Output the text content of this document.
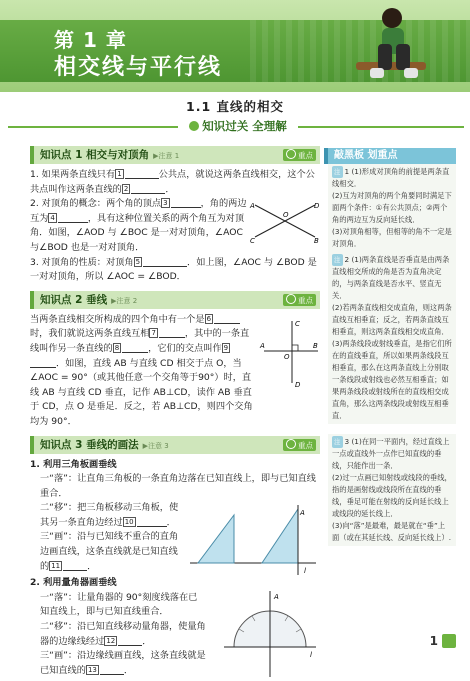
第 1 章
相交线与平行线
1.1 直线的相交
知识过关 全理解
知识点 1 相交与对顶角 ▶注意 1	重点
1. 如果两条直线只有 1	公共点，就说这两条直线相交，这个公共点叫作这两条直线的 2	．
2. 对顶角的概念：两个角的顶点 3	，角的两边互为 4	，具有这种位置关系的两个角互为对顶角．如图，∠AOD 与 ∠BOC 是一对对顶角，∠AOC 与∠BOD 也是一对对顶角．
A
B
C
D
O
3. 对顶角的性质：对顶角 5	．如上图，∠AOC 与 ∠BOD 是一对对顶角，所以 ∠AOC = ∠BOD．
知识点 2 垂线 ▶注意 2	重点
当两条直线相交所构成的四个角中有一个是 6时，我们就说这两条直线互相 7	，其中的一条直线叫作另一条直线的 8	，它们的交点叫作 9．如图，直线 AB 与直线 CD 相交于点 O，当∠AOC = 90°（或其他任意一个交角等于90°）时，直线 AB 与直线 CD 垂直，记作 AB⊥CD，读作 AB 垂直于 CD，点 O 是垂足．反之，若 AB⊥CD，则四个交角均为 90°．
C
D
A	B
O
知识点 3 垂线的画法 ▶注意 3	重点
1. 利用三角板画垂线
一“落”：让直角三角板的一条直角边落在已知直线上，即与已知直线重合．
二“移”：把三角板移动三角板，使其另一条直角边经过 10	．
三“画”：沿与已知线不重合的直角边画直线，这条直线就是已知直线的 11	．	l
A
2. 利用量角器画垂线
一“落”：让量角器的 90°刻度线落在已知直线上，即与已知直线重合．
二“移”：沿已知直线移动量角器，使量角器的边缘线经过 12	．
三“画”：沿边缘线画直线，这条直线就是已知直线的 13	．
A
l
敲黑板 划重点
注 1 (1)形成对顶角的前提是两条直线相交．
(2)互为对顶角的两个角要同时满足下面两个条件：①有公共顶点；②两个角的两边互为反向延长线．
(3)对顶角相等，但相等的角不一定是对顶角．
注 2 (1)两条直线是否垂直是由两条直线相交所成的角是否为直角决定的，与两条直线是否水平、竖直无关．
(2)若两条直线相交成直角，则这两条直线互相垂直；反之，若两条直线互相垂直，则这两条直线相交成直角．
(3)两条线段或射线垂直，是指它们所在的直线垂直，所以如果两条线段互相垂直，那么在这两条直线上分别取一条线段或射线也必然互相垂直；如果两条线段或射线所在的直线相交成直角，那么这两条线段或射线互相垂直．
注 3 (1)在同一平面内，经过直线上一点或直线外一点作已知直线的垂线，只能作出一条．
(2)过一点画已知射线或线段的垂线，指的是画射线或线段所在直线的垂线，垂足可能在射线的反向延长线上或线段的延长线上．
(3)向“落”是最难，最是就在“垂”上面（或在其延长线、反向延长线上）.
1
